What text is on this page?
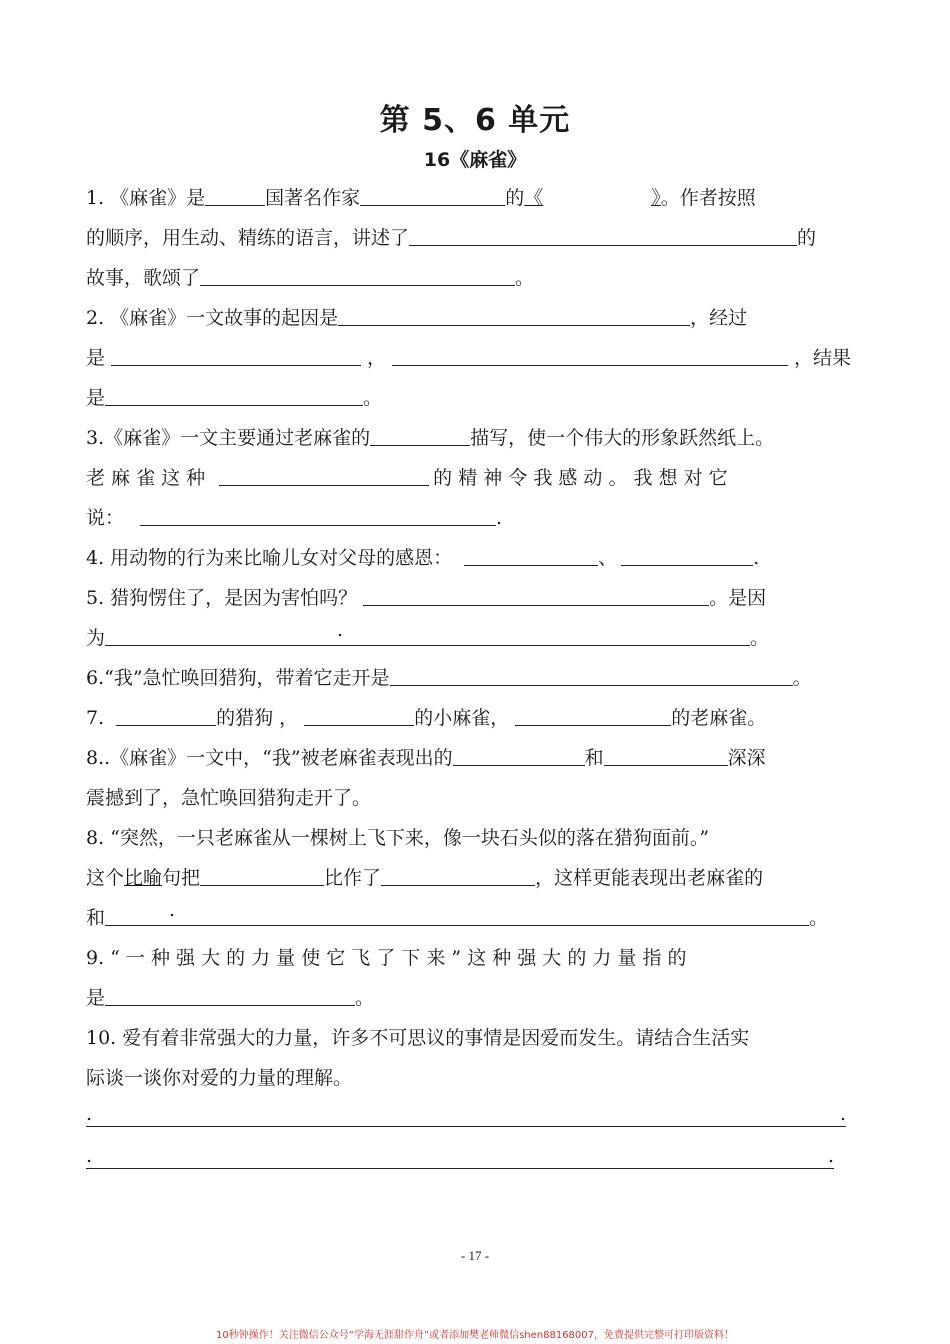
第 5、6 单元
16《麻雀》
1. 《麻雀》是	国著名作家	的《	》。作者按照
的顺序，用生动、精练的语言，讲述了	的
故事，歌颂了	。
2. 《麻雀》一文故事的起因是	，经过
是	，	，结果
是	。
3.《麻雀》一文主要通过老麻雀的	描写，使一个伟大的形象跃然纸上。
老 麻 雀 这 种	的 精 神 令 我 感 动 。 我 想 对 它
说：	.
4. 用动物的行为来比喻儿女对父母的感恩：	、	.
5. 猎狗愣住了，是因为害怕吗？	。是因
为	.	。
6.“我”急忙唤回猎狗，带着它走开是	。
7.	的猎狗 ，	的小麻雀，	的老麻雀。
8..《麻雀》一文中，“我”被老麻雀表现出的	和	深深
震撼到了，急忙唤回猎狗走开了。
8. “突然，一只老麻雀从一棵树上飞下来，像一块石头似的落在猎狗面前。”
这个比喻句把	比作了	，这样更能表现出老麻雀的
和	.	。
9. “ 一 种 强 大 的 力 量 使 它 飞 了 下 来 ” 这 种 强 大 的 力 量 指 的
是	。
10. 爱有着非常强大的力量，许多不可思议的事情是因爱而发生。请结合生活实
际谈一谈你对爱的力量的理解。
.	.
.	.
- 17 -
10秒钟操作！关注微信公众号“学海无涯甜作舟”或者添加樊老师微信shen88168007，免费提供完整可打印版资料！
